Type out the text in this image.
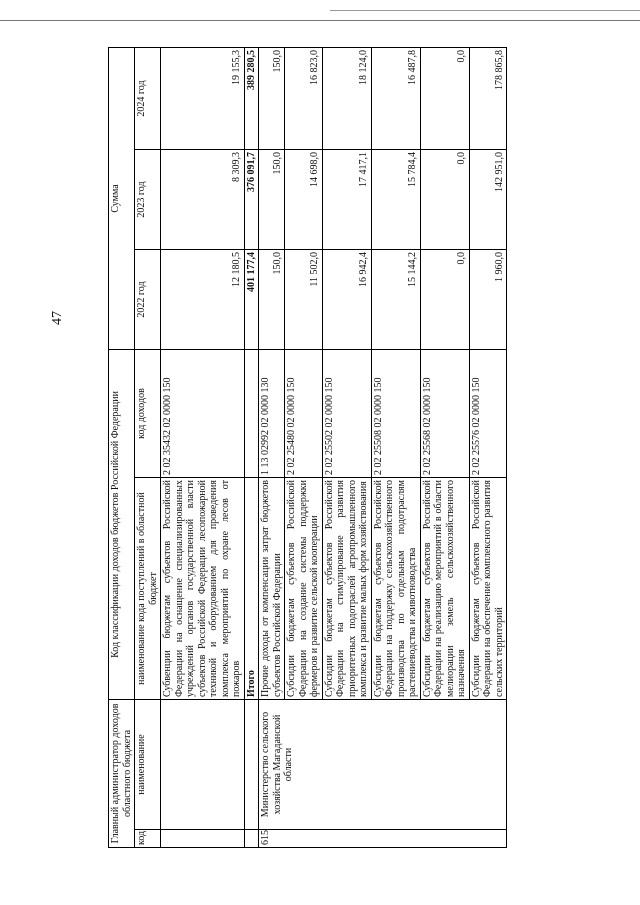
47
Главный администратор доходов областного бюджета		Код классификации доходов бюджетов Российской Федерации		Сумма		
код	наименование	наименование кода поступлений в областной бюджет	код доходов	2022 год	2023 год	2024 год
		Субвенции бюджетам субъектов Российской Федерации на оснащение специализированных учреждений органов государственной власти субъектов Российской Федерации лесопожарной техникой и оборудованием для проведения комплекса мероприятий по охране лесов от пожаров	2 02 35432 02 0000 150	12 180,5	8 309,3	19 155,3
		Итого		401 177,4	376 091,7	389 280,5
615	Министерство сельского хозяйства Магаданской области	Прочие доходы от компенсации затрат бюджетов субъектов Российской Федерации	1 13 02992 02 0000 130	150,0	150,0	150,0
		Субсидии бюджетам субъектов Российской Федерации на создание системы поддержки фермеров и развитие сельской кооперации	2 02 25480 02 0000 150	11 502,0	14 698,0	16 823,0
		Субсидии бюджетам субъектов Российской Федерации на стимулирование развития приоритетных подотраслей агропромышленного комплекса и развитие малых форм хозяйствования	2 02 25502 02 0000 150	16 942,4	17 417,1	18 124,0
		Субсидии бюджетам субъектов Российской Федерации на поддержку сельскохозяйственного производства по отдельным подотраслям растениеводства и животноводства	2 02 25508 02 0000 150	15 144,2	15 784,4	16 487,8
		Субсидии бюджетам субъектов Российской Федерации на реализацию мероприятий в области мелиорации земель сельскохозяйственного назначения	2 02 25568 02 0000 150	0,0	0,0	0,0
		Субсидии бюджетам субъектов Российской Федерации на обеспечение комплексного развития сельских территорий	2 02 25576 02 0000 150	1 960,0	142 951,0	178 865,8
